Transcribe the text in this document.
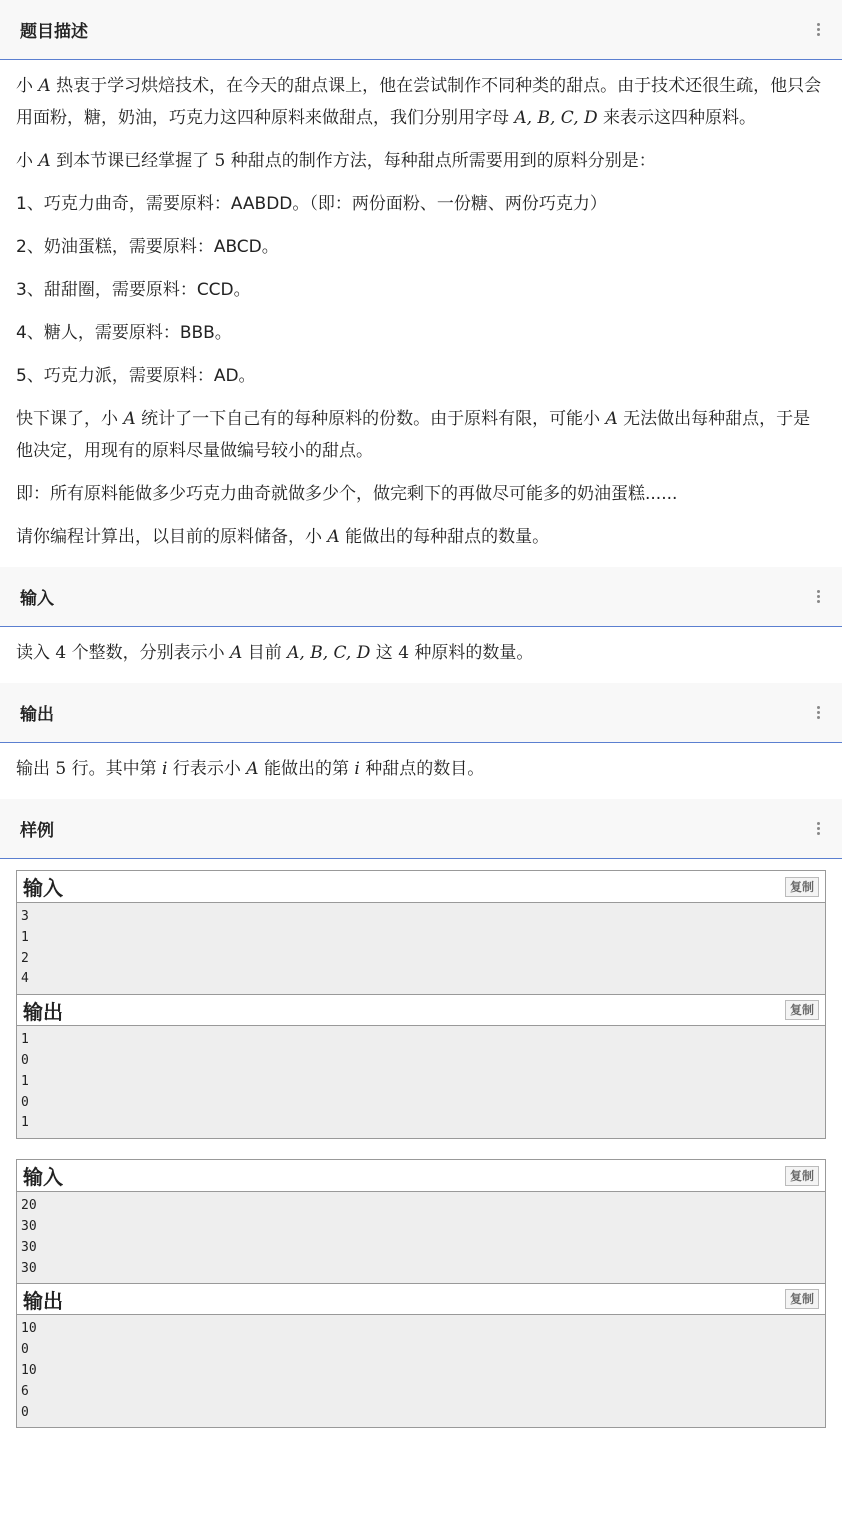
题目描述

小 A 热衷于学习烘焙技术，在今天的甜点课上，他在尝试制作不同种类的甜点。由于技术还很生疏，他只会用面粉，糖，奶油，巧克力这四种原料来做甜点，我们分别用字母 A, B, C, D 来表示这四种原料。

小 A 到本节课已经掌握了 5 种甜点的制作方法，每种甜点所需要用到的原料分别是：

1、巧克力曲奇，需要原料：AABDD。（即：两份面粉、一份糖、两份巧克力）

2、奶油蛋糕，需要原料：ABCD。

3、甜甜圈，需要原料：CCD。

4、糖人，需要原料：BBB。

5、巧克力派，需要原料：AD。

快下课了，小 A 统计了一下自己有的每种原料的份数。由于原料有限，可能小 A 无法做出每种甜点，于是他决定，用现有的原料尽量做编号较小的甜点。

即：所有原料能做多少巧克力曲奇就做多少个，做完剩下的再做尽可能多的奶油蛋糕......

请你编程计算出，以目前的原料储备，小 A 能做出的每种甜点的数量。

输入

读入 4 个整数，分别表示小 A 目前 A, B, C, D 这 4 种原料的数量。

输出

输出 5 行。其中第 i 行表示小 A 能做出的第 i 种甜点的数目。

样例
输入	复制
3
1
2
4
输出	复制
1
0
1
0
1
输入	复制
20
30
30
30
输出	复制
10
0
10
6
0
